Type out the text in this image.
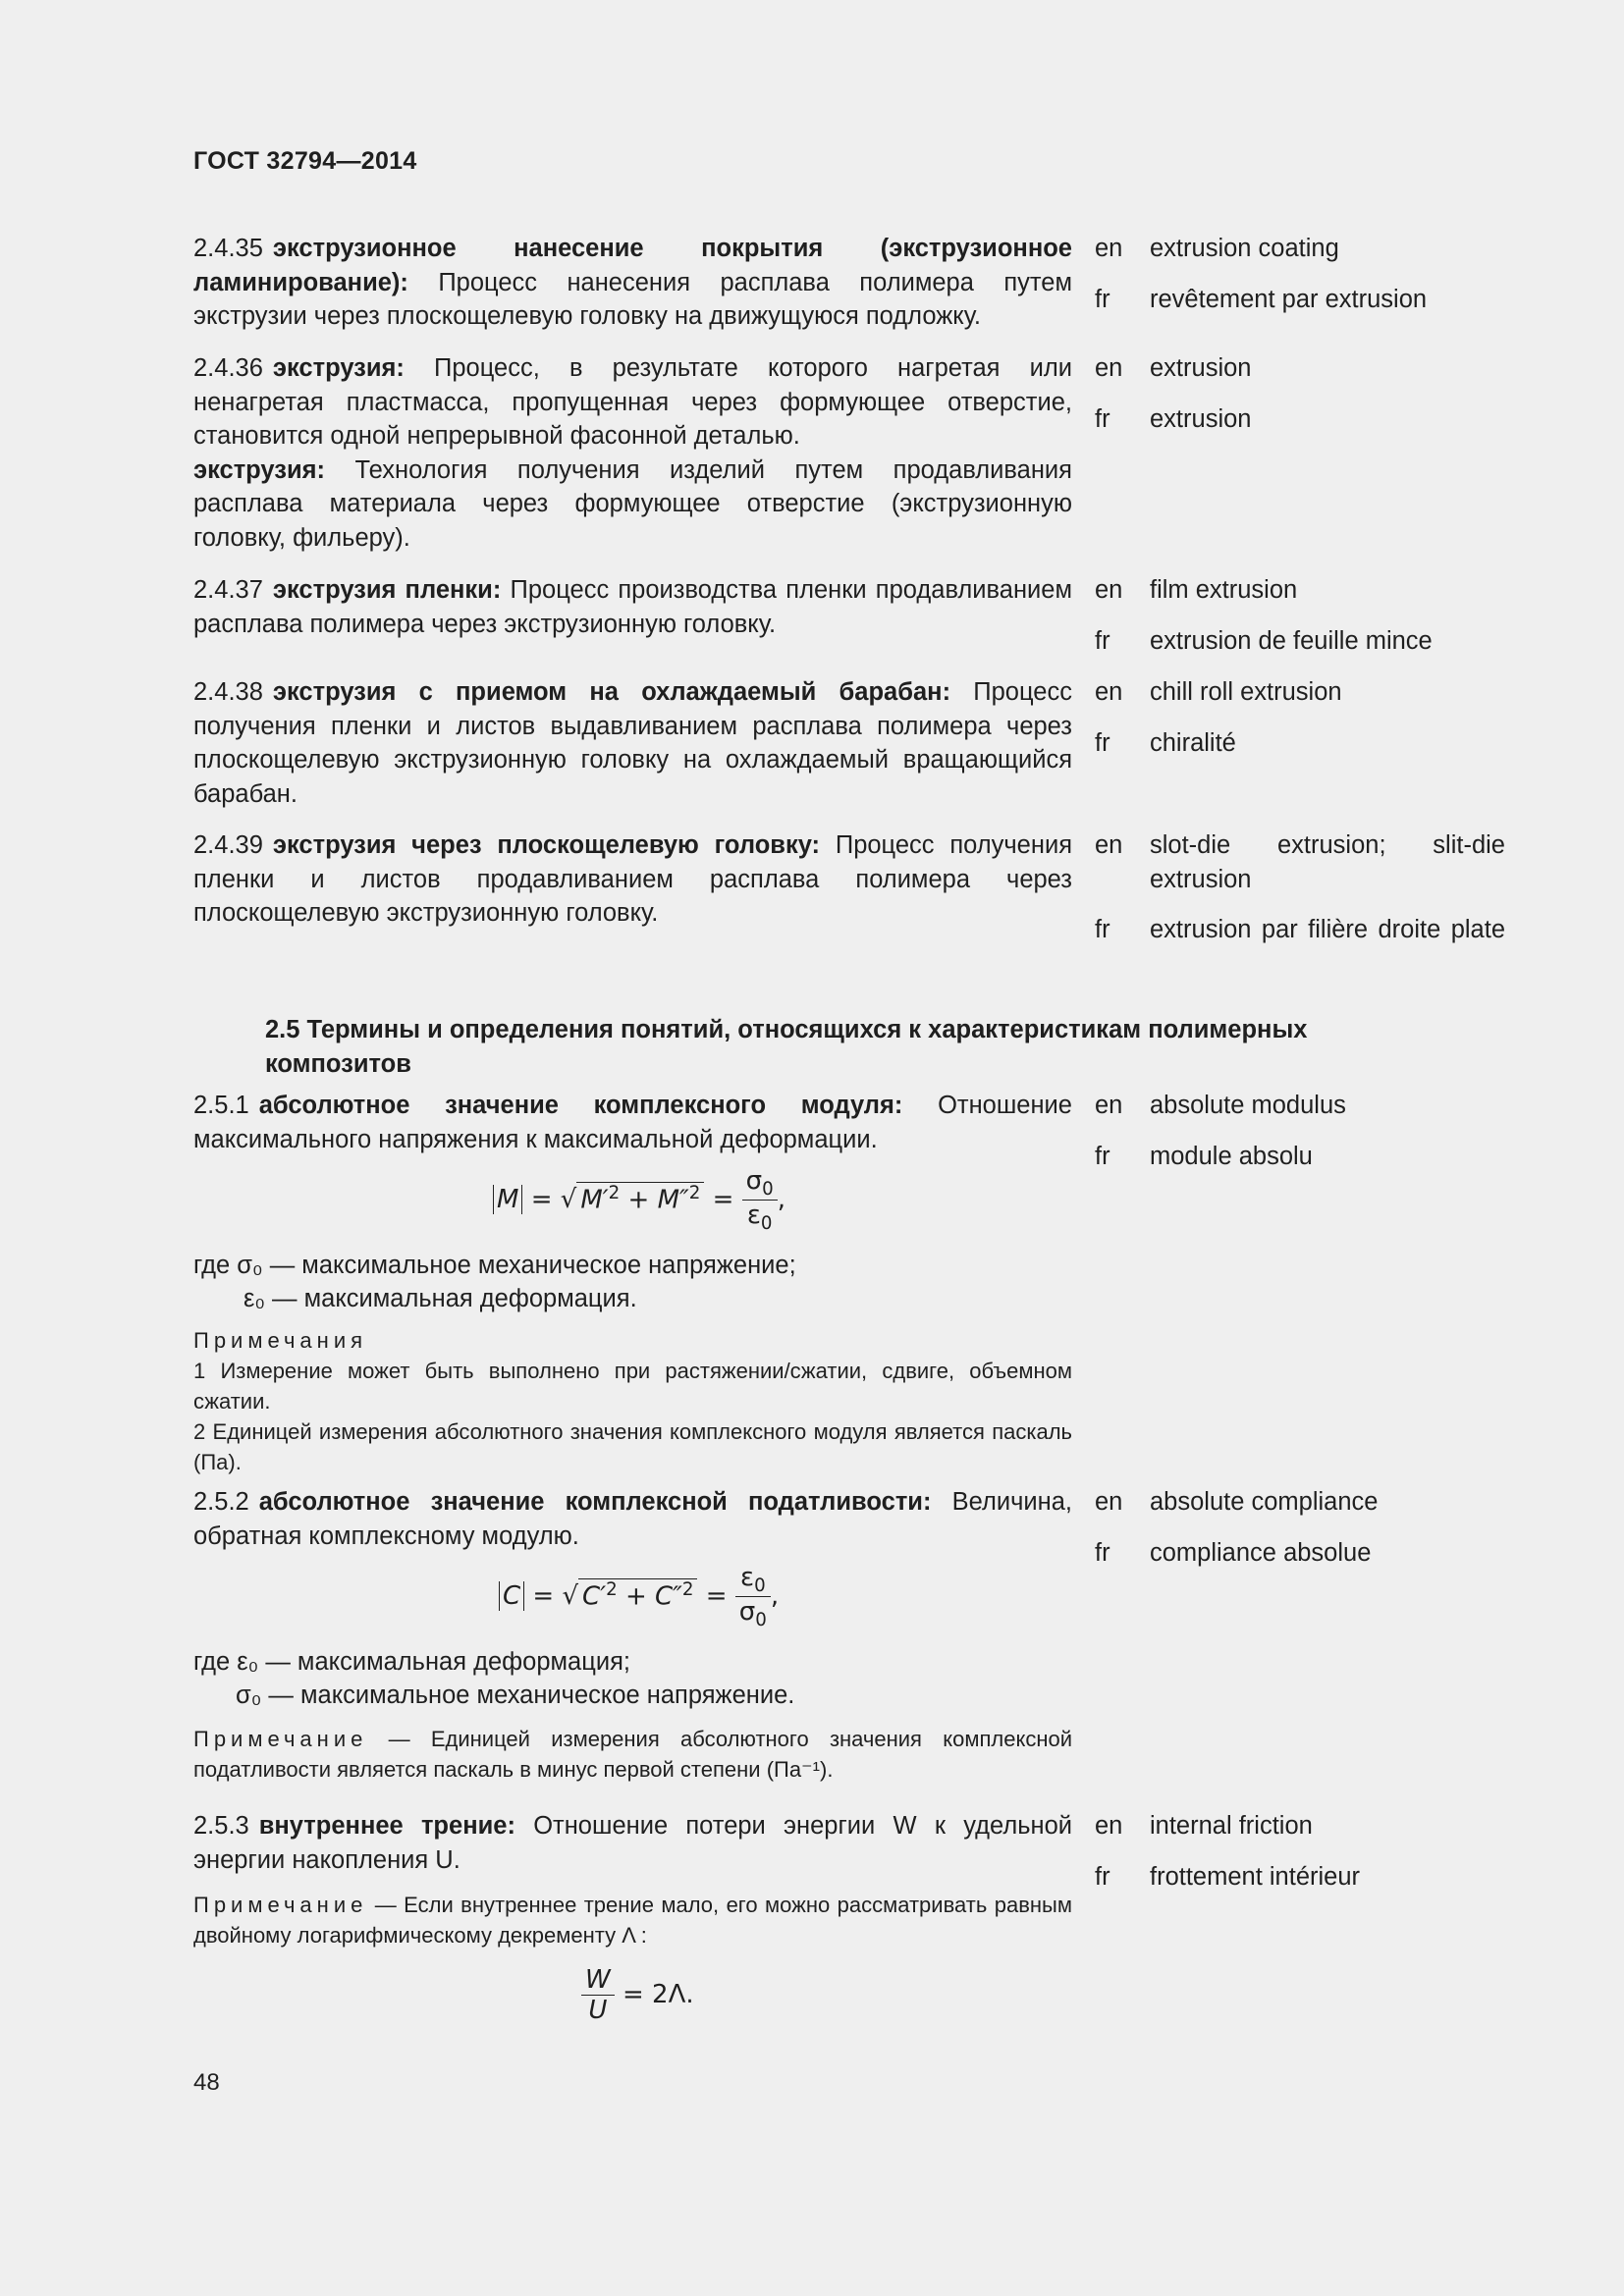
ГОСТ 32794—2014
2.4.35 экструзионное нанесение покрытия (экструзионное ламинирование): Процесс нанесения расплава полимера путем экструзии через плоскощелевую головку на движущуюся подложку.
en extrusion coating
fr revêtement par extrusion
2.4.36 экструзия: Процесс, в результате которого нагретая или ненагретая пластмасса, пропущенная через формующее отверстие, становится одной непрерывной фасонной деталью.
экструзия: Технология получения изделий путем продавливания расплава материала через формующее отверстие (экструзионную головку, фильеру).
en extrusion
fr extrusion
2.4.37 экструзия пленки: Процесс производства пленки продавливанием расплава полимера через экструзионную головку.
en film extrusion
fr extrusion de feuille mince
2.4.38 экструзия с приемом на охлаждаемый барабан: Процесс получения пленки и листов выдавливанием расплава полимера через плоскощелевую экструзионную головку на охлаждаемый вращающийся барабан.
en chill roll extrusion
fr chiralité
2.4.39 экструзия через плоскощелевую головку: Процесс получения пленки и листов продавливанием расплава полимера через плоскощелевую экструзионную головку.
en slot-die extrusion; slit-die extrusion
fr extrusion par filière droite plate
2.5 Термины и определения понятий, относящихся к характеристикам полимерных композитов
2.5.1 абсолютное значение комплексного модуля: Отношение максимального напряжения к максимальной деформации.
en absolute modulus
fr module absolu
M = √ $M'^2 + M''^2 = \frac{\sigma_0}{\varepsilon_0}$ ,
где σ₀ — максимальное механическое напряжение;
ε₀ — максимальная деформация.
Примечания
1 Измерение может быть выполнено при растяжении/сжатии, сдвиге, объемном сжатии.
2 Единицей измерения абсолютного значения комплексного модуля является паскаль (Па).
2.5.2 абсолютное значение комплексной податливости: Величина, обратная комплексному модулю.
en absolute compliance
fr compliance absolue
C = √ $C'^2 + C''^2 = \frac{\varepsilon_0}{\sigma_0}$ ,
где ε₀ — максимальная деформация;
σ₀ — максимальное механическое напряжение.
Примечание — Единицей измерения абсолютного значения комплексной податливости является паскаль в минус первой степени (Па⁻¹).
2.5.3 внутреннее трение: Отношение потери энергии W к удельной энергии накопления U.
en internal friction
fr frottement intérieur
Примечание — Если внутреннее трение мало, его можно рассматривать равным двойному логарифмическому декременту Λ :
$\frac{W}{U} = 2\Lambda$.
48
